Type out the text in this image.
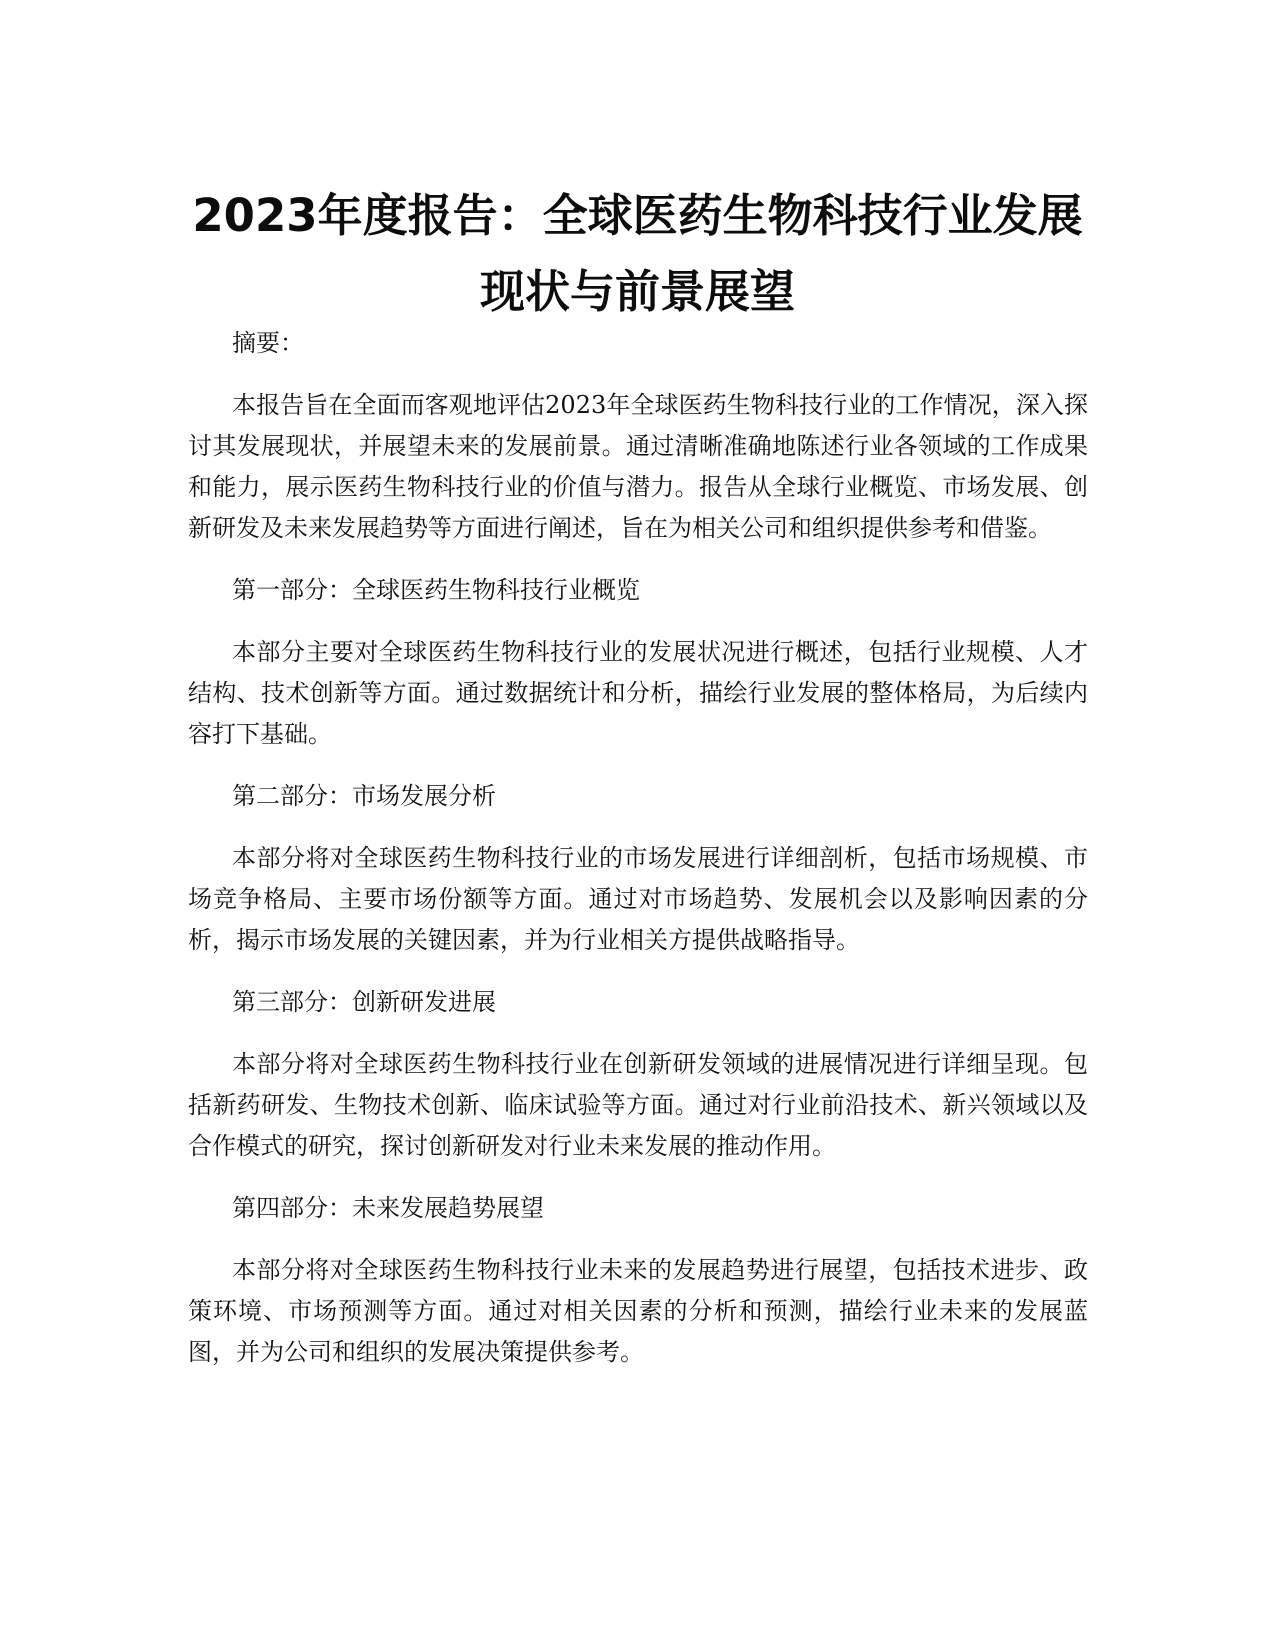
2023年度报告：全球医药生物科技行业发展
现状与前景展望

摘要：

本报告旨在全面而客观地评估2023年全球医药生物科技行业的工作情况，深入探讨其发展现状，并展望未来的发展前景。通过清晰准确地陈述行业各领域的工作成果和能力，展示医药生物科技行业的价值与潜力。报告从全球行业概览、市场发展、创新研发及未来发展趋势等方面进行阐述，旨在为相关公司和组织提供参考和借鉴。

第一部分：全球医药生物科技行业概览

本部分主要对全球医药生物科技行业的发展状况进行概述，包括行业规模、人才结构、技术创新等方面。通过数据统计和分析，描绘行业发展的整体格局，为后续内容打下基础。

第二部分：市场发展分析

本部分将对全球医药生物科技行业的市场发展进行详细剖析，包括市场规模、市场竞争格局、主要市场份额等方面。通过对市场趋势、发展机会以及影响因素的分析，揭示市场发展的关键因素，并为行业相关方提供战略指导。

第三部分：创新研发进展

本部分将对全球医药生物科技行业在创新研发领域的进展情况进行详细呈现。包括新药研发、生物技术创新、临床试验等方面。通过对行业前沿技术、新兴领域以及合作模式的研究，探讨创新研发对行业未来发展的推动作用。

第四部分：未来发展趋势展望

本部分将对全球医药生物科技行业未来的发展趋势进行展望，包括技术进步、政策环境、市场预测等方面。通过对相关因素的分析和预测，描绘行业未来的发展蓝图，并为公司和组织的发展决策提供参考。
